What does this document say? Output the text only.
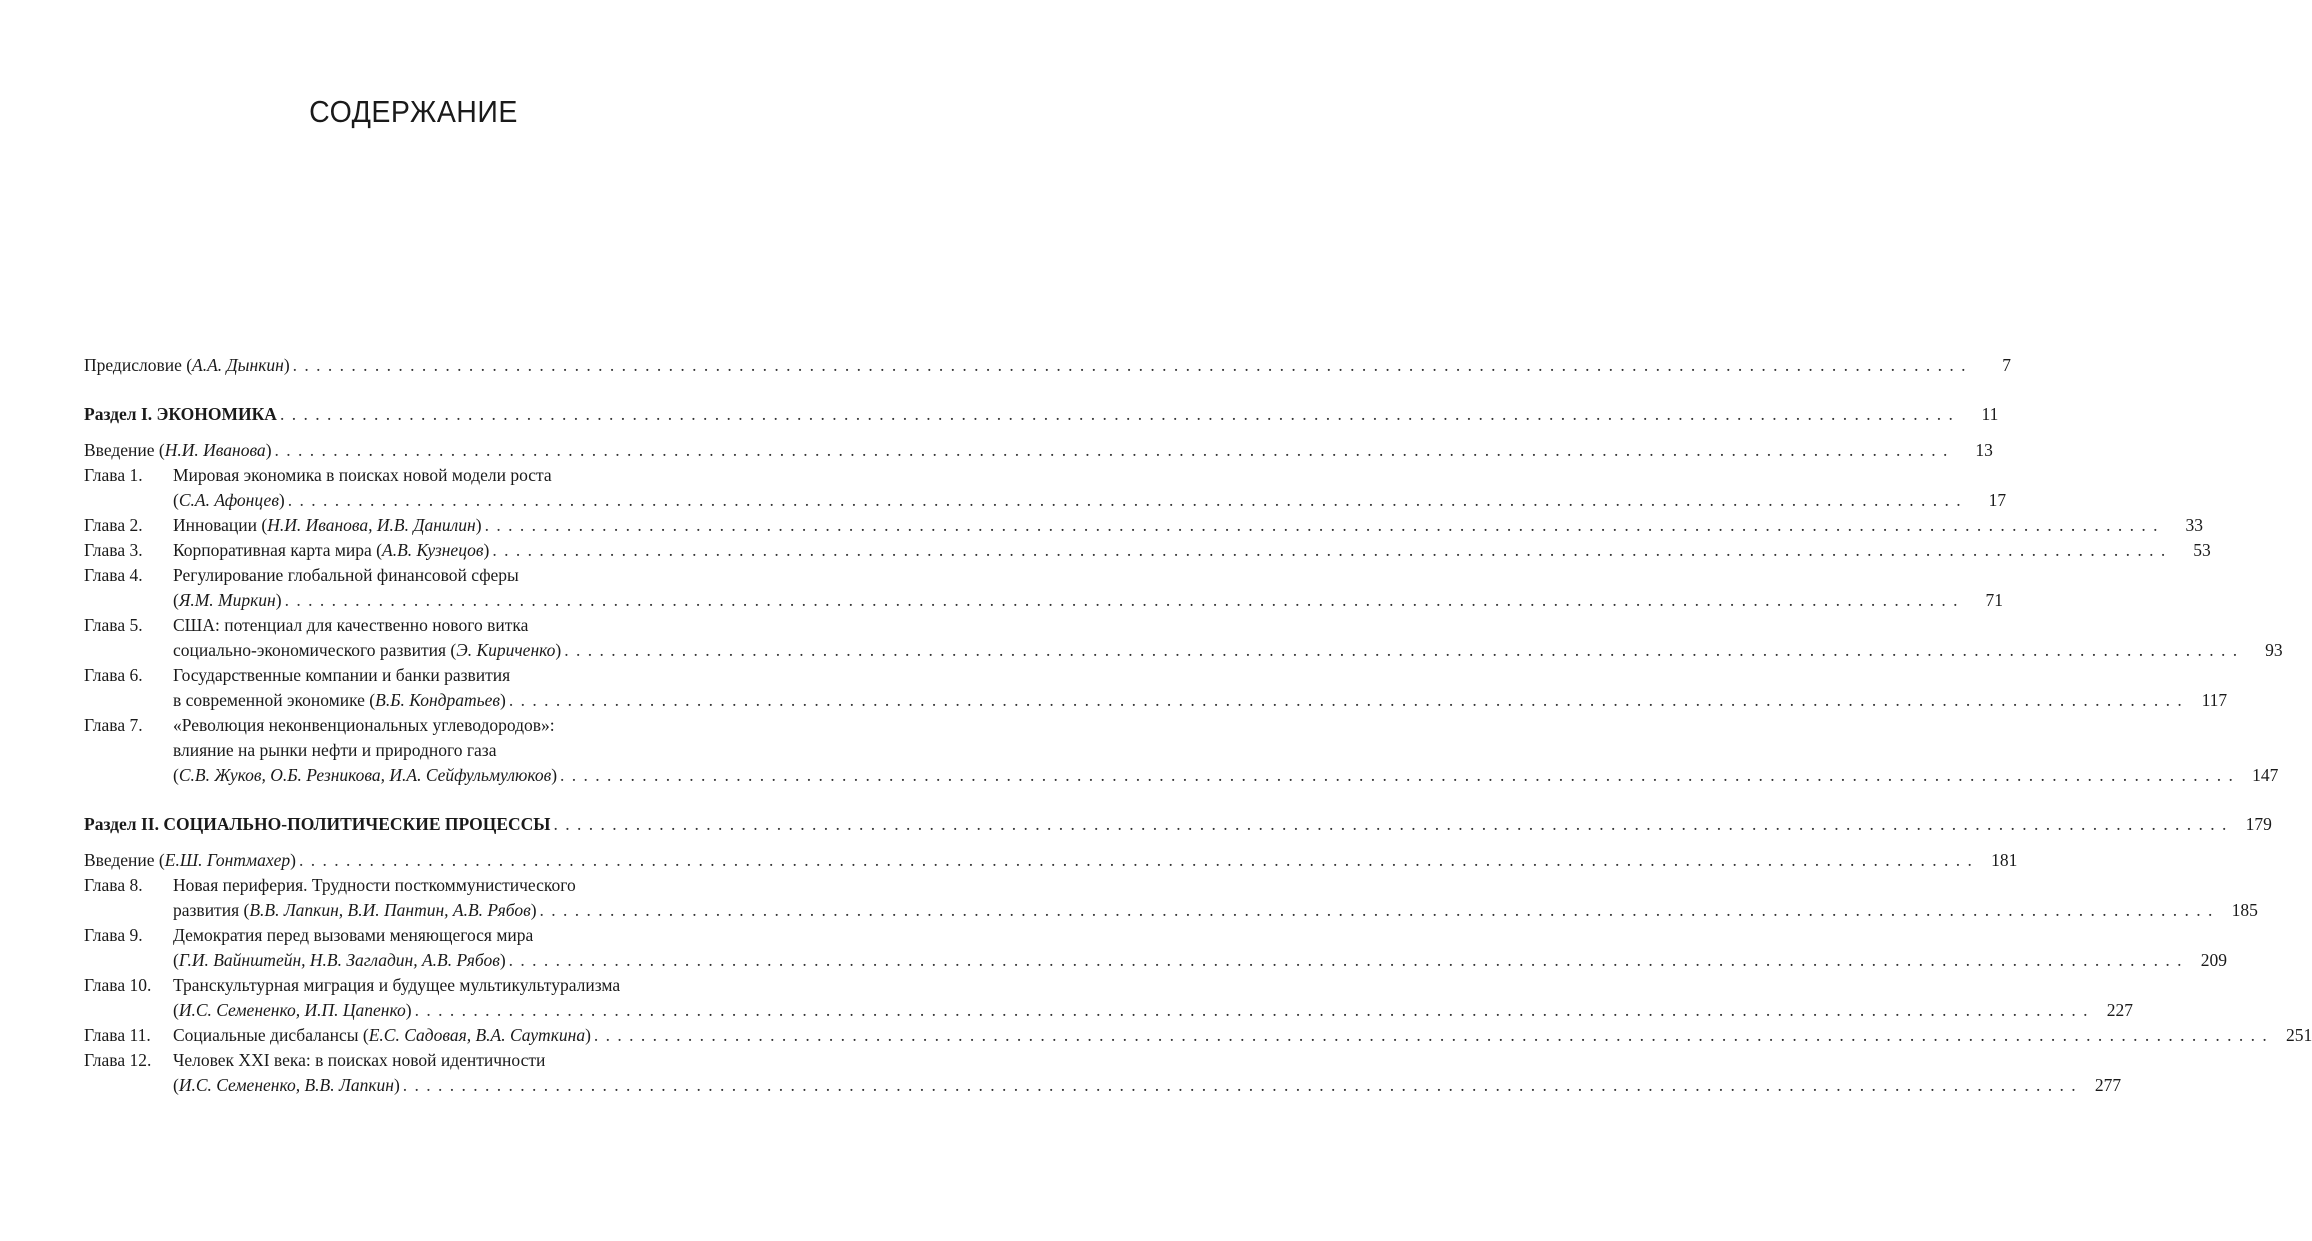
СОДЕРЖАНИЕ
Предисловие (А.А. Дынкин) . . .	7
Раздел I. ЭКОНОМИКА . . .	11
Введение (Н.И. Иванова) . . .	13
Глава 1. Мировая экономика в поисках новой модели роста
(С.А. Афонцев) . . .	17
Глава 2. Инновации (Н.И. Иванова, И.В. Данилин) . . .	33
Глава 3. Корпоративная карта мира (А.В. Кузнецов) . . .	53
Глава 4. Регулирование глобальной финансовой сферы
(Я.М. Миркин) . . .	71
Глава 5. США: потенциал для качественно нового витка
социально-экономического развития (Э. Кириченко) . . .	93
Глава 6. Государственные компании и банки развития
в современной экономике (В.Б. Кондратьев) . . .	117
Глава 7. «Революция неконвенциональных углеводородов»:
влияние на рынки нефти и природного газа
(С.В. Жуков, О.Б. Резникова, И.А. Сейфульмулюков) . . .	147
Раздел II. СОЦИАЛЬНО-ПОЛИТИЧЕСКИЕ ПРОЦЕССЫ . . .	179
Введение (Е.Ш. Гонтмахер) . . .	181
Глава 8. Новая периферия. Трудности посткоммунистического
развития (В.В. Лапкин, В.И. Пантин, А.В. Рябов) . . .	185
Глава 9. Демократия перед вызовами меняющегося мира
(Г.И. Вайнштейн, Н.В. Загладин, А.В. Рябов) . . .	209
Глава 10. Транскультурная миграция и будущее мультикультурализма
(И.С. Семененко, И.П. Цапенко) . . .	227
Глава 11. Социальные дисбалансы (Е.С. Садовая, В.А. Сауткина) . . .	251
Глава 12. Человек XXI века: в поисках новой идентичности
(И.С. Семененко, В.В. Лапкин) . . .	277
